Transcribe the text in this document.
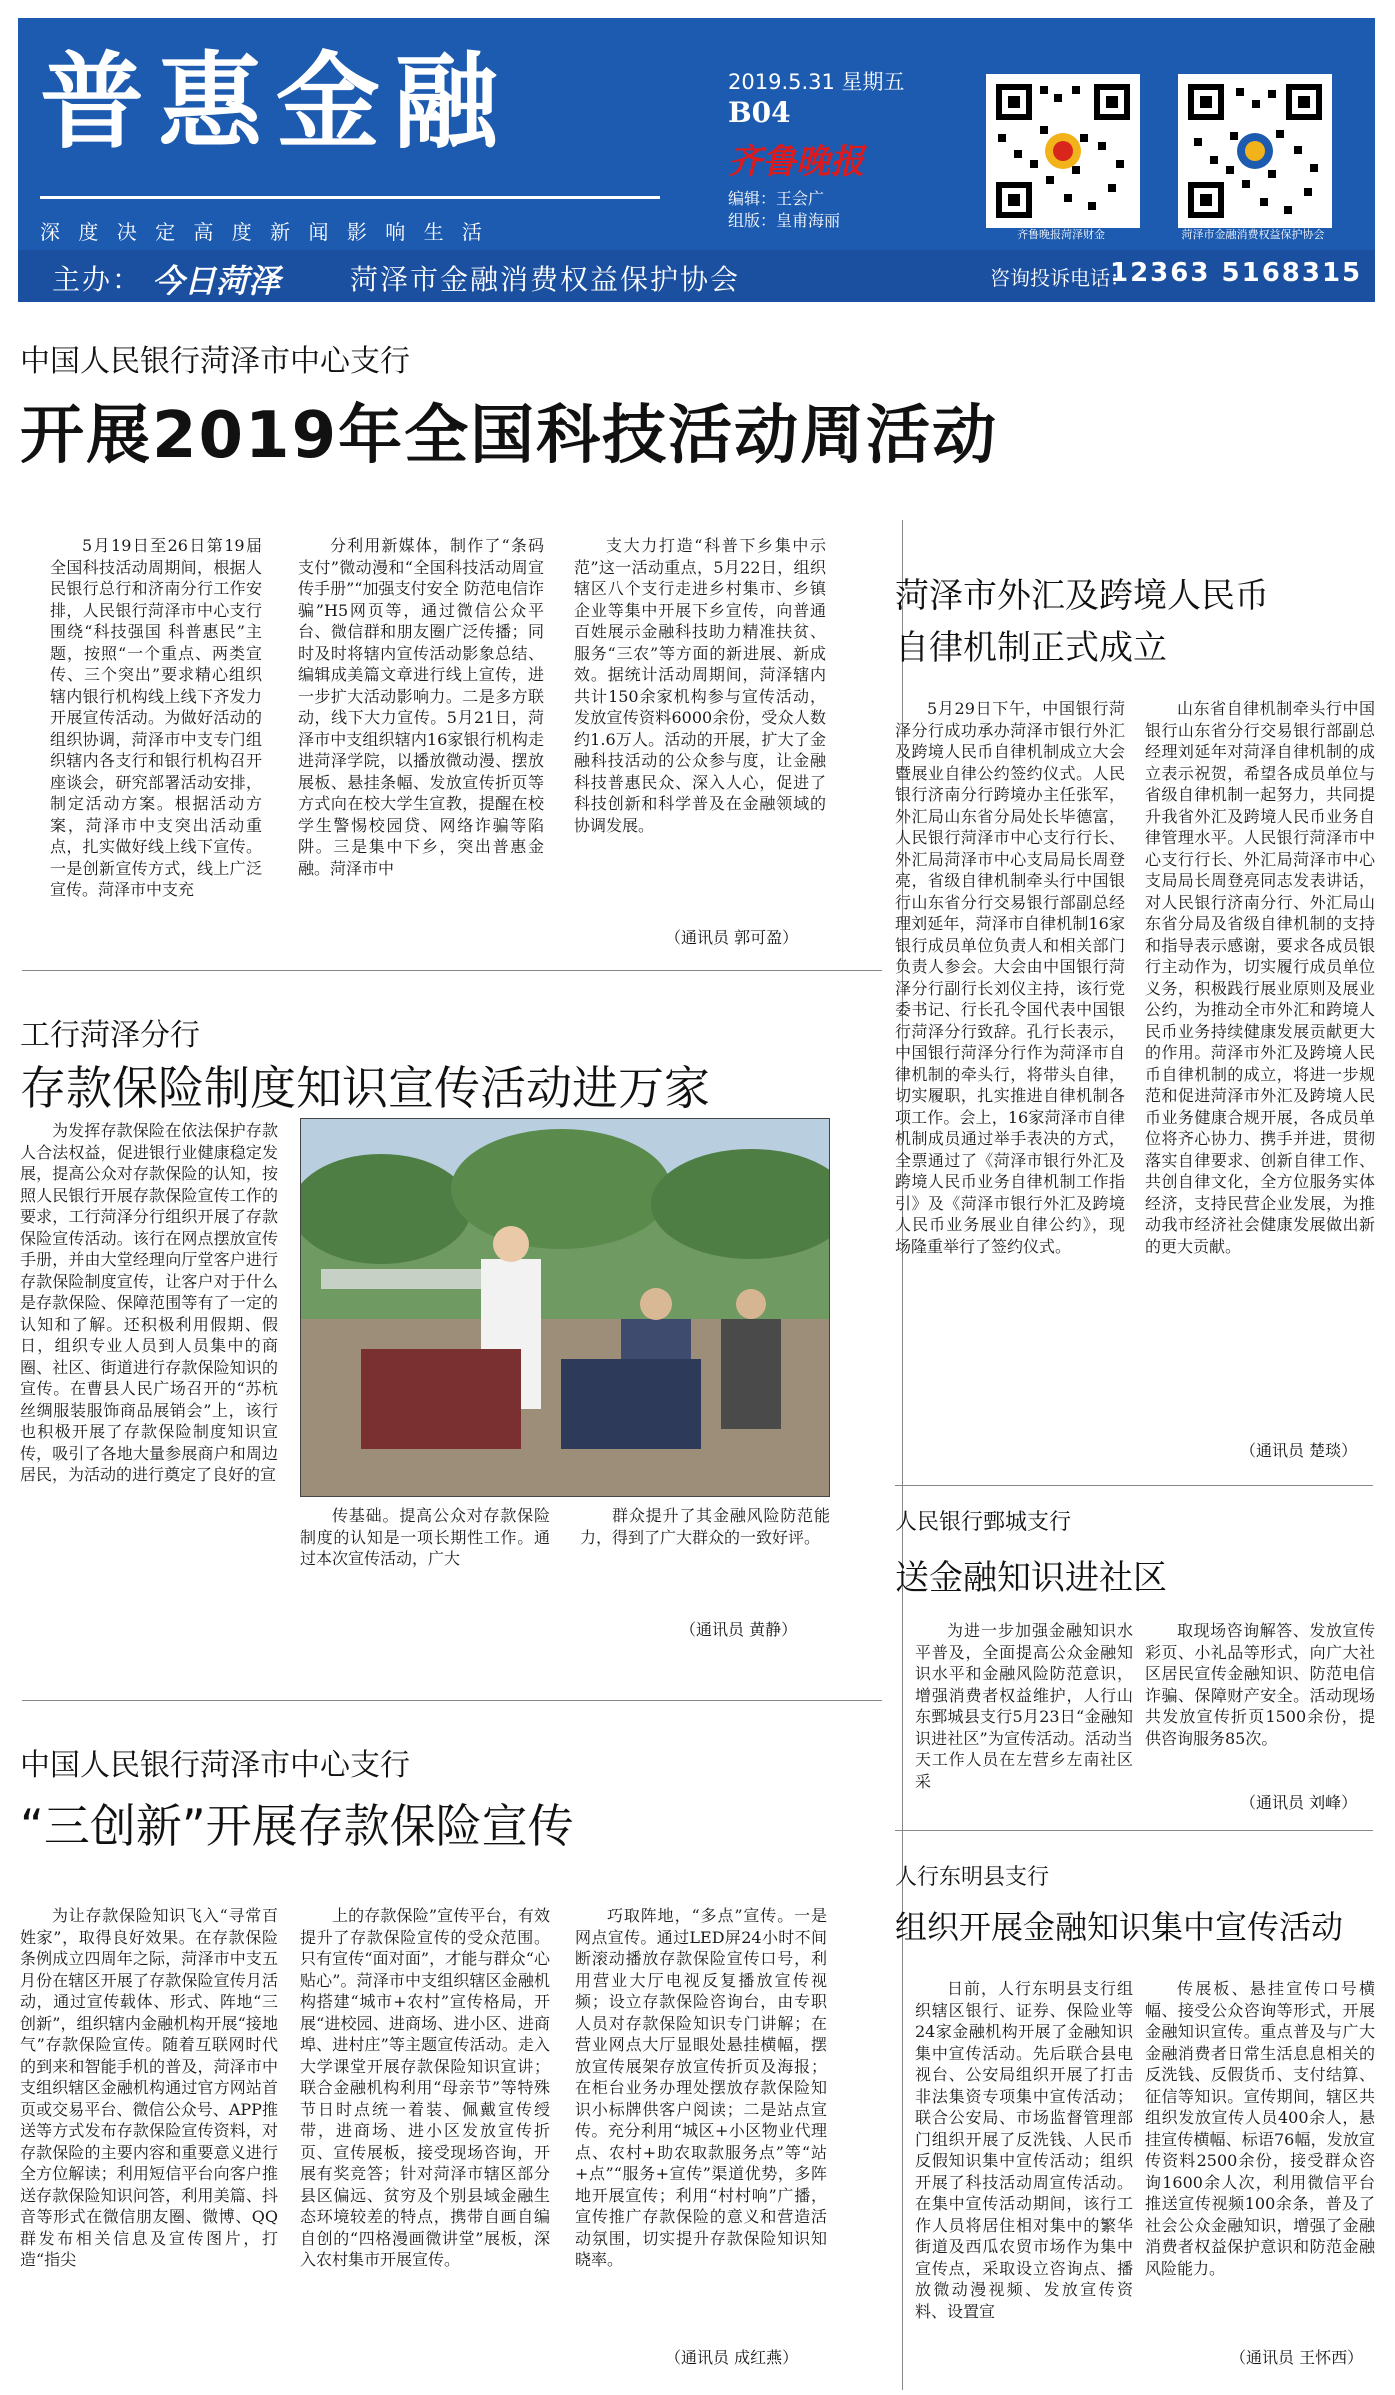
普惠金融
深 度 决 定 高 度 新 闻 影 响 生 活
2019.5.31 星期五
B04
齐鲁晚报
编辑：王会广
组版：皇甫海丽
齐鲁晚报菏泽财金	菏泽市金融消费权益保护协会
主办： 今日菏泽 菏泽市金融消费权益保护协会	咨询投诉电话：
12363 5168315
中国人民银行菏泽市中心支行
开展2019年全国科技活动周活动
5月19日至26日第19届全国科技活动周期间，根据人民银行总行和济南分行工作安排，人民银行菏泽市中心支行围绕“科技强国 科普惠民”主题，按照“一个重点、两类宣传、三个突出”要求精心组织辖内银行机构线上线下齐发力开展宣传活动。为做好活动的组织协调，菏泽市中支专门组织辖内各支行和银行机构召开座谈会，研究部署活动安排，制定活动方案。根据活动方案，菏泽市中支突出活动重点，扎实做好线上线下宣传。一是创新宣传方式，线上广泛宣传。菏泽市中支充
分利用新媒体，制作了“条码支付”微动漫和“全国科技活动周宣传手册”“加强支付安全 防范电信诈骗”H5网页等，通过微信公众平台、微信群和朋友圈广泛传播；同时及时将辖内宣传活动影象总结、编辑成美篇文章进行线上宣传，进一步扩大活动影响力。二是多方联动，线下大力宣传。5月21日，菏泽市中支组织辖内16家银行机构走进菏泽学院，以播放微动漫、摆放展板、悬挂条幅、发放宣传折页等方式向在校大学生宣教，提醒在校学生警惕校园贷、网络诈骗等陷阱。三是集中下乡，突出普惠金融。菏泽市中
支大力打造“科普下乡集中示范”这一活动重点，5月22日，组织辖区八个支行走进乡村集市、乡镇企业等集中开展下乡宣传，向普通百姓展示金融科技助力精准扶贫、服务“三农”等方面的新进展、新成效。据统计活动周期间，菏泽辖内共计150余家机构参与宣传活动，发放宣传资料6000余份，受众人数约1.6万人。活动的开展，扩大了金融科技活动的公众参与度，让金融科技普惠民众、深入人心，促进了科技创新和科学普及在金融领域的协调发展。
（通讯员 郭可盈）
工行菏泽分行
存款保险制度知识宣传活动进万家
为发挥存款保险在依法保护存款人合法权益，促进银行业健康稳定发展，提高公众对存款保险的认知，按照人民银行开展存款保险宣传工作的要求，工行菏泽分行组织开展了存款保险宣传活动。该行在网点摆放宣传手册，并由大堂经理向厅堂客户进行存款保险制度宣传，让客户对于什么是存款保险、保障范围等有了一定的认知和了解。还积极利用假期、假日，组织专业人员到人员集中的商圈、社区、街道进行存款保险知识的宣传。在曹县人民广场召开的“苏杭丝绸服装服饰商品展销会”上，该行也积极开展了存款保险制度知识宣传，吸引了各地大量参展商户和周边居民，为活动的进行奠定了良好的宣
传基础。提高公众对存款保险制度的认知是一项长期性工作。通过本次宣传活动，广大
群众提升了其金融风险防范能力，得到了广大群众的一致好评。
（通讯员 黄静）
中国人民银行菏泽市中心支行
“三创新”开展存款保险宣传
为让存款保险知识飞入“寻常百姓家”，取得良好效果。在存款保险条例成立四周年之际，菏泽市中支五月份在辖区开展了存款保险宣传月活动，通过宣传载体、形式、阵地“三创新”，组织辖内金融机构开展“接地气”存款保险宣传。随着互联网时代的到来和智能手机的普及，菏泽市中支组织辖区金融机构通过官方网站首页或交易平台、微信公众号、APP推送等方式发布存款保险宣传资料，对存款保险的主要内容和重要意义进行全方位解读；利用短信平台向客户推送存款保险知识问答，利用美篇、抖音等形式在微信朋友圈、微博、QQ群发布相关信息及宣传图片，打造“指尖
上的存款保险”宣传平台，有效提升了存款保险宣传的受众范围。只有宣传“面对面”，才能与群众“心贴心”。菏泽市中支组织辖区金融机构搭建“城市+农村”宣传格局，开展“进校园、进商场、进小区、进商埠、进村庄”等主题宣传活动。走入大学课堂开展存款保险知识宣讲；联合金融机构利用“母亲节”等特殊节日时点统一着装、佩戴宣传绶带，进商场、进小区发放宣传折页、宣传展板，接受现场咨询，开展有奖竞答；针对菏泽市辖区部分县区偏远、贫穷及个别县域金融生态环境较差的特点，携带自画自编自创的“四格漫画微讲堂”展板，深入农村集市开展宣传。
巧取阵地，“多点”宣传。一是网点宣传。通过LED屏24小时不间断滚动播放存款保险宣传口号，利用营业大厅电视反复播放宣传视频；设立存款保险咨询台，由专职人员对存款保险知识专门讲解；在营业网点大厅显眼处悬挂横幅，摆放宣传展架存放宣传折页及海报；在柜台业务办理处摆放存款保险知识小标牌供客户阅读；二是站点宣传。充分利用“城区+小区物业代理点、农村+助农取款服务点”等“站+点”“服务+宣传”渠道优势，多阵地开展宣传；利用“村村响”广播，宣传推广存款保险的意义和营造活动氛围，切实提升存款保险知识知晓率。
（通讯员 成红燕）
菏泽市外汇及跨境人民币
自律机制正式成立
5月29日下午，中国银行菏泽分行成功承办菏泽市银行外汇及跨境人民币自律机制成立大会暨展业自律公约签约仪式。人民银行济南分行跨境办主任张军，外汇局山东省分局处长毕德富，人民银行菏泽市中心支行行长、外汇局菏泽市中心支局局长周登亮，省级自律机制牵头行中国银行山东省分行交易银行部副总经理刘延年，菏泽市自律机制16家银行成员单位负责人和相关部门负责人参会。大会由中国银行菏泽分行副行长刘仪主持，该行党委书记、行长孔令国代表中国银行菏泽分行致辞。孔行长表示，中国银行菏泽分行作为菏泽市自律机制的牵头行，将带头自律，切实履职，扎实推进自律机制各项工作。会上，16家菏泽市自律机制成员通过举手表决的方式，全票通过了《菏泽市银行外汇及跨境人民币业务自律机制工作指引》及《菏泽市银行外汇及跨境人民币业务展业自律公约》，现场隆重举行了签约仪式。
山东省自律机制牵头行中国银行山东省分行交易银行部副总经理刘延年对菏泽自律机制的成立表示祝贺，希望各成员单位与省级自律机制一起努力，共同提升我省外汇及跨境人民币业务自律管理水平。人民银行菏泽市中心支行行长、外汇局菏泽市中心支局局长周登亮同志发表讲话，对人民银行济南分行、外汇局山东省分局及省级自律机制的支持和指导表示感谢，要求各成员银行主动作为，切实履行成员单位义务，积极践行展业原则及展业公约，为推动全市外汇和跨境人民币业务持续健康发展贡献更大的作用。菏泽市外汇及跨境人民币自律机制的成立，将进一步规范和促进菏泽市外汇及跨境人民币业务健康合规开展，各成员单位将齐心协力、携手并进，贯彻落实自律要求、创新自律工作、共创自律文化，全方位服务实体经济，支持民营企业发展，为推动我市经济社会健康发展做出新的更大贡献。
（通讯员 楚琰）
人民银行鄄城支行
送金融知识进社区
为进一步加强金融知识水平普及，全面提高公众金融知识水平和金融风险防范意识，增强消费者权益维护，人行山东鄄城县支行5月23日“金融知识进社区”为宣传活动。活动当天工作人员在左营乡左南社区采
取现场咨询解答、发放宣传彩页、小礼品等形式，向广大社区居民宣传金融知识、防范电信诈骗、保障财产安全。活动现场共发放宣传折页1500余份，提供咨询服务85次。
（通讯员 刘峰）
人行东明县支行
组织开展金融知识集中宣传活动
日前，人行东明县支行组织辖区银行、证券、保险业等24家金融机构开展了金融知识集中宣传活动。先后联合县电视台、公安局组织开展了打击非法集资专项集中宣传活动；联合公安局、市场监督管理部门组织开展了反洗钱、人民币反假知识集中宣传活动；组织开展了科技活动周宣传活动。在集中宣传活动期间，该行工作人员将居住相对集中的繁华街道及西瓜农贸市场作为集中宣传点，采取设立咨询点、播放微动漫视频、发放宣传资料、设置宣
传展板、悬挂宣传口号横幅、接受公众咨询等形式，开展金融知识宣传。重点普及与广大金融消费者日常生活息息相关的反洗钱、反假货币、支付结算、征信等知识。宣传期间，辖区共组织发放宣传人员400余人，悬挂宣传横幅、标语76幅，发放宣传资料2500余份，接受群众咨询1600余人次，利用微信平台推送宣传视频100余条，普及了社会公众金融知识，增强了金融消费者权益保护意识和防范金融风险能力。
（通讯员 王怀西）
